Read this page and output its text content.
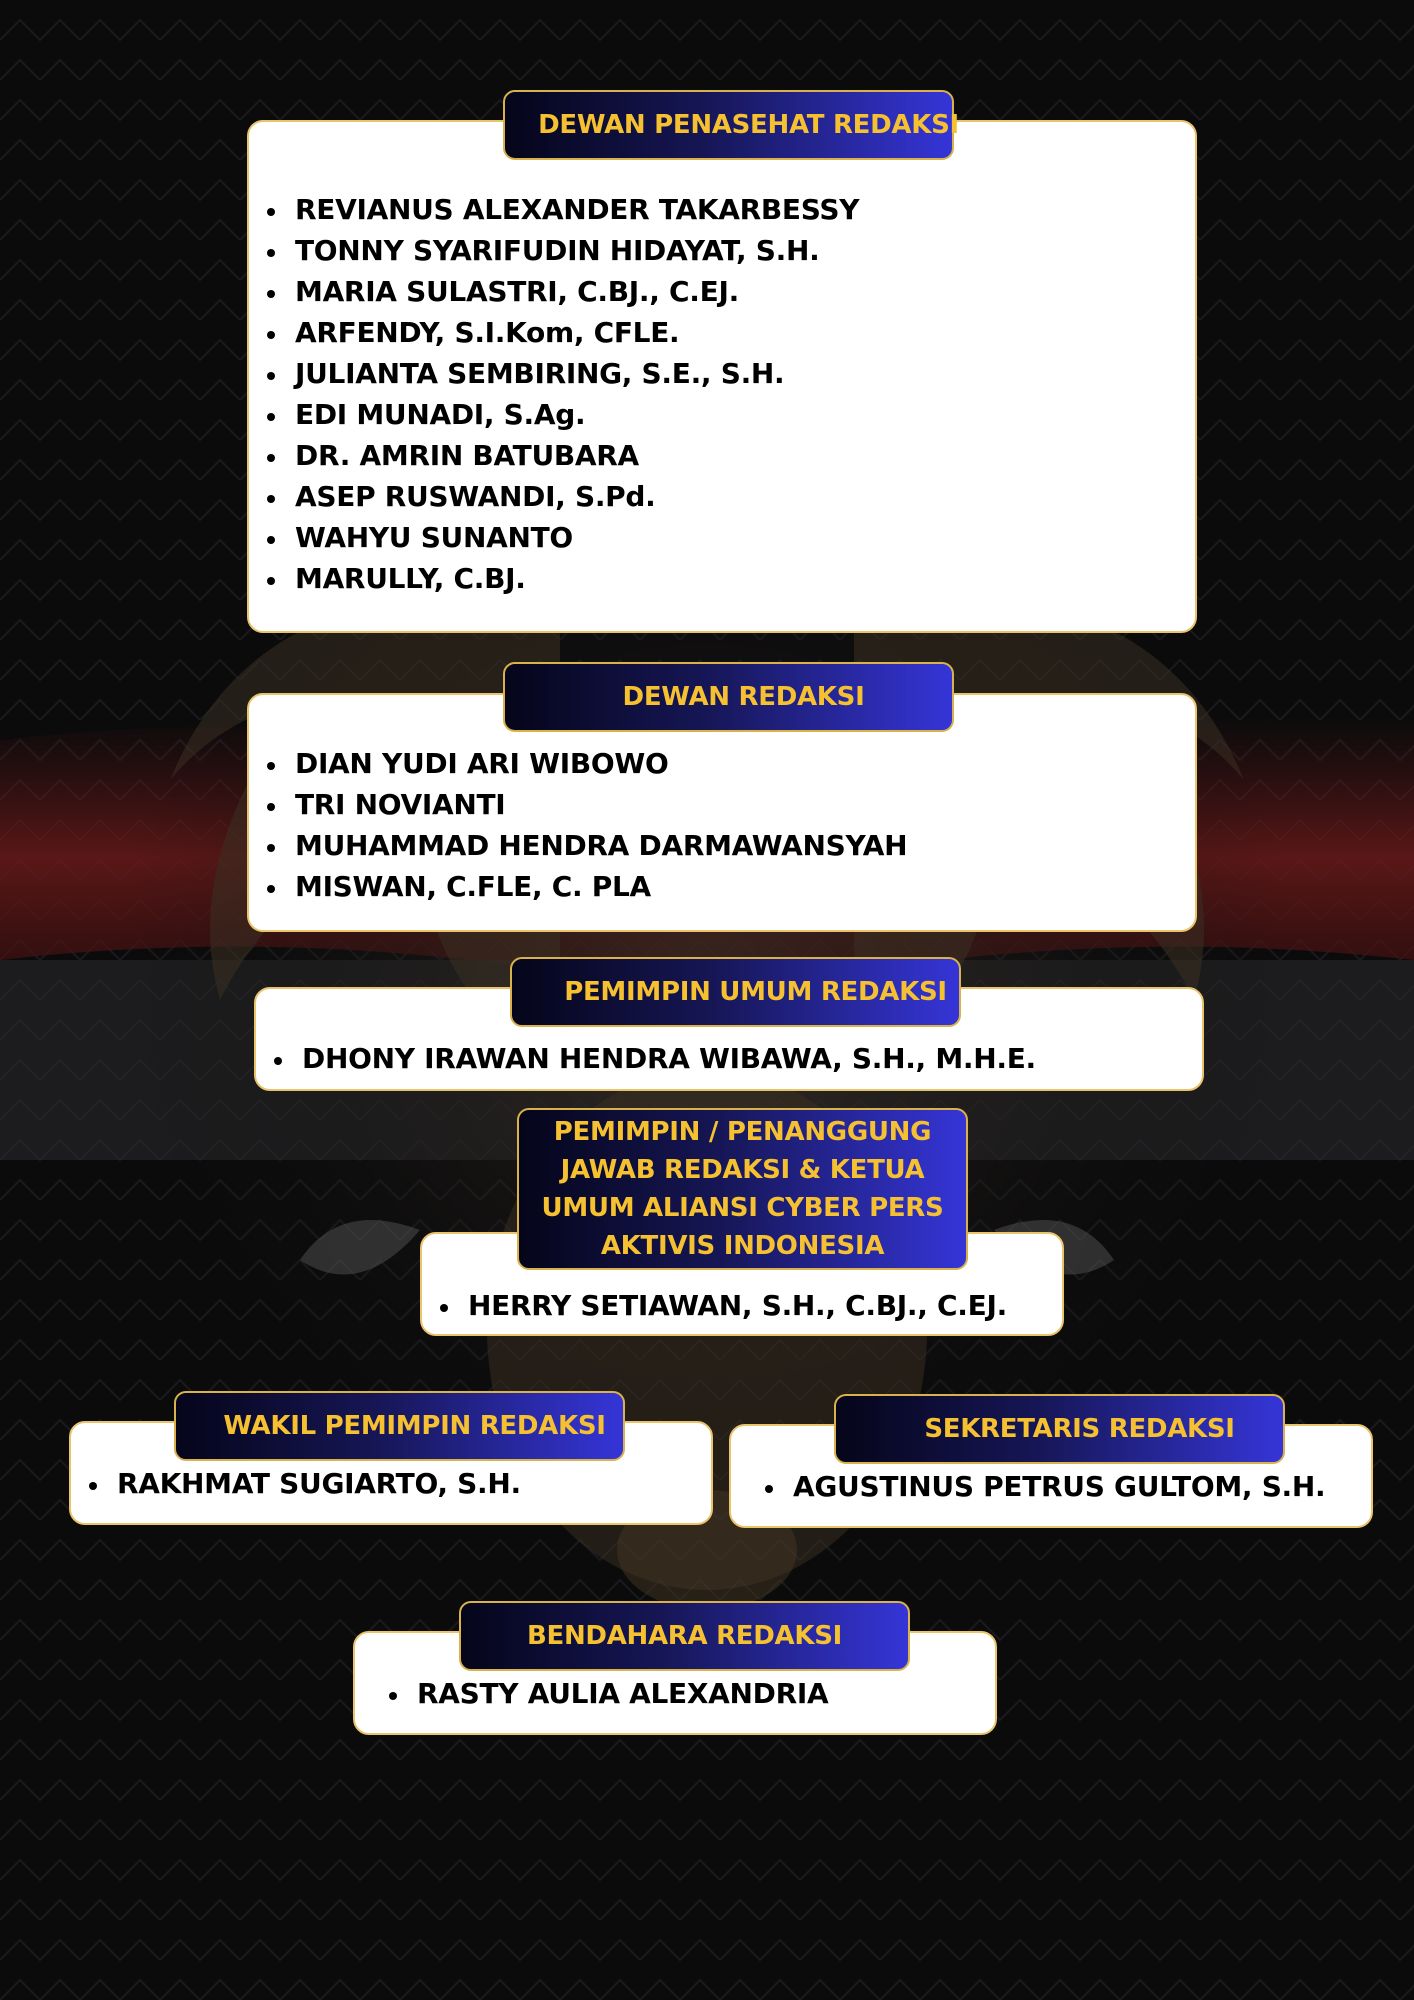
• REVIANUS ALEXANDER TAKARBESSY
• TONNY SYARIFUDIN HIDAYAT, S.H.
• MARIA SULASTRI, C.BJ., C.EJ.
• ARFENDY, S.I.Kom, CFLE.
• JULIANTA SEMBIRING, S.E., S.H.
• EDI MUNADI, S.Ag.
• DR. AMRIN BATUBARA
• ASEP RUSWANDI, S.Pd.
• WAHYU SUNANTO
• MARULLY, C.BJ.
DEWAN PENASEHAT REDAKSI
• DIAN YUDI ARI WIBOWO
• TRI NOVIANTI
• MUHAMMAD HENDRA DARMAWANSYAH
• MISWAN, C.FLE, C. PLA
DEWAN REDAKSI
• DHONY IRAWAN HENDRA WIBAWA, S.H., M.H.E.
PEMIMPIN UMUM REDAKSI
• HERRY SETIAWAN, S.H., C.BJ., C.EJ.
PEMIMPIN / PENANGGUNG JAWAB REDAKSI & KETUA UMUM ALIANSI CYBER PERS AKTIVIS INDONESIA
• RAKHMAT SUGIARTO, S.H.
WAKIL PEMIMPIN REDAKSI
• AGUSTINUS PETRUS GULTOM, S.H.
SEKRETARIS REDAKSI
• RASTY AULIA ALEXANDRIA
BENDAHARA REDAKSI
